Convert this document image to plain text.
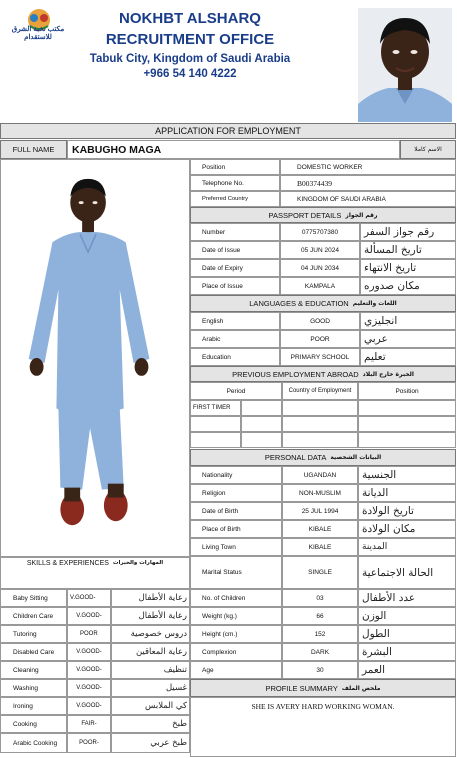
مكتب نخبة الشرق للاستقدام
NOKHBT ALSHARQ
RECRUITMENT OFFICE
Tabuk City, Kingdom of Saudi Arabia
+966 54 140 4222
APPLICATION FOR EMPLOYMENT
FULL NAME	KABUGHO MAGA	الاسم كاملا
Position	DOMESTIC WORKER
Telephone No.	B00374439
Preferred Country	KINGDOM OF SAUDI ARABIA
PASSPORT DETAILS رقم الجواز
Number	0775707380	رقم جواز السفر
Date of Issue	05 JUN 2024	تاريخ المسألة
Date of Expiry	04 JUN 2034	تاريخ الانتهاء
Place of Issue	KAMPALA	مكان صدوره
LANGUAGES & EDUCATION اللغات والتعليم
English	GOOD	انجليزي
Arabic	POOR	عربي
Education	PRIMARY SCHOOL	تعليم
PREVIOUS EMPLOYMENT ABROAD الخبرة خارج البلاد
Period	Country of Employment	Position
FIRST TIMER
PERSONAL DATA البيانات الشخصية
Nationality	UGANDAN	الجنسية
Religion	NON-MUSLIM	الديانة
Date of Birth	25 JUL 1994	تاريخ الولادة
Place of Birth	KIBALE	مكان الولادة
Living Town	KIBALE	المدينة
Marital Status	SINGLE	الحالة الاجتماعية
No. of Children	03	عدد الأطفال
Weight (kg.)	66	الوزن
Height (cm.)	152	الطول
Complexion	DARK	البشرة
Age	30	العمر
PROFILE SUMMARY ملخص الملف
SHE IS AVERY HARD WORKING WOMAN.
SKILLS & EXPERIENCES المهارات والخبرات
Baby Sitting	V.GOOD-	رعاية الأطفال
Children Care	V.GOOD-	رعاية الأطفال
Tutoring	POOR	دروس خصوصية
Disabled Care	V.GOOD-	رعاية المعاقين
Cleaning	V.GOOD-	تنظيف
Washing	V.GOOD-	غسيل
Ironing	V.GOOD-	كي الملابس
Cooking	FAIR-	طبخ
Arabic Cooking	POOR-	طبخ عربي
